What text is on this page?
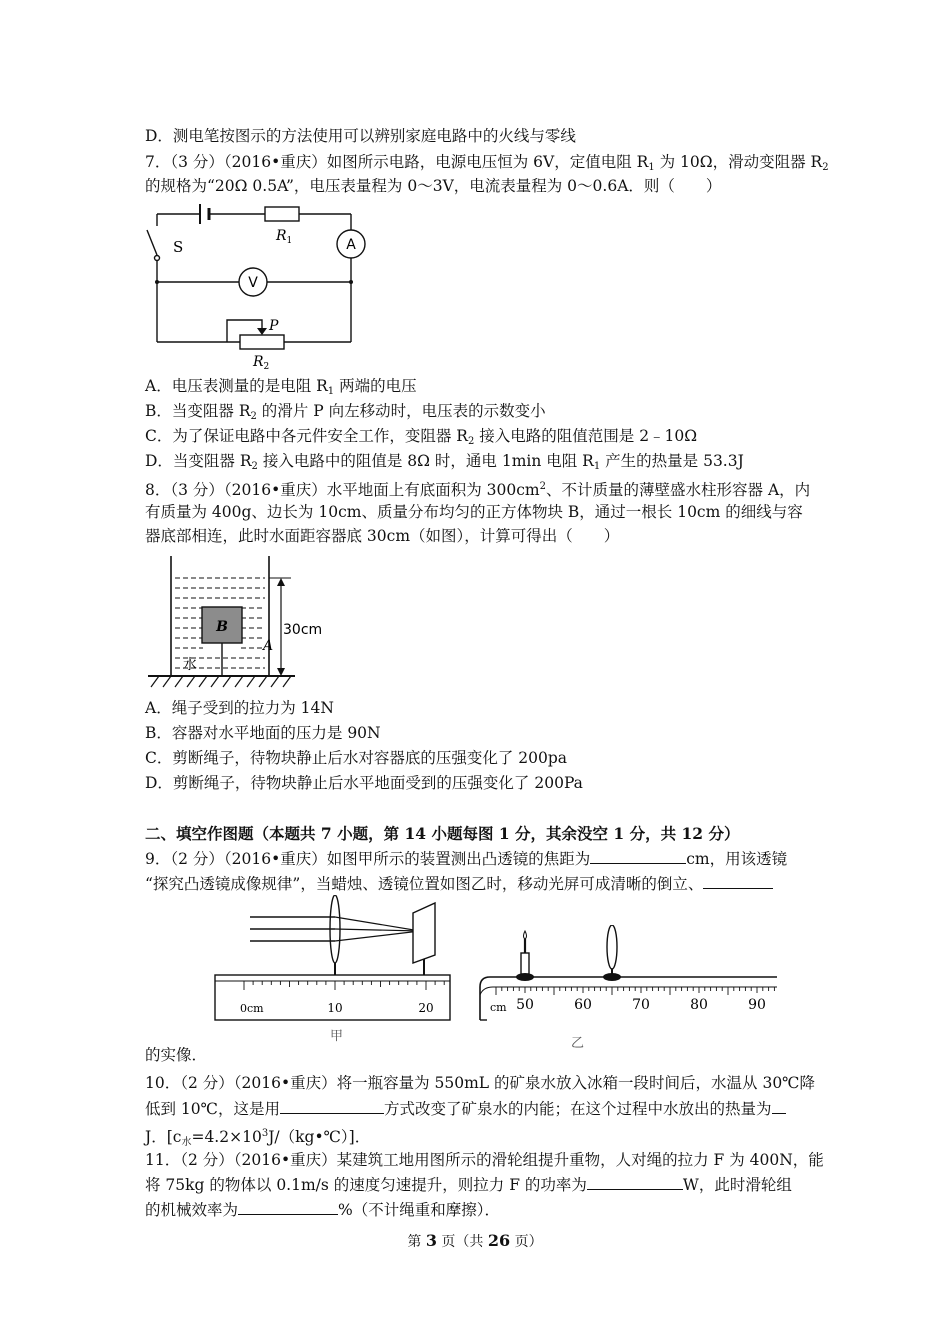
D．测电笔按图示的方法使用可以辨别家庭电路中的火线与零线
7．（3 分）（2016•重庆）如图所示电路，电源电压恒为 6V，定值电阻 $R_1$ 为 10Ω，滑动变阻器 $R_2$
的规格为“20Ω 0.5A”，电压表量程为 0～3V，电流表量程为 0～0.6A．则（　　）
S
$R_1$
V
A
P
$R_2$
A．电压表测量的是电阻 $R_1$ 两端的电压
B．当变阻器 $R_2$ 的滑片 P 向左移动时，电压表的示数变小
C．为了保证电路中各元件安全工作，变阻器 $R_2$ 接入电路的阻值范围是 2﹣10Ω
D．当变阻器 $R_2$ 接入电路中的阻值是 8Ω 时，通电 1min 电阻 $R_1$ 产生的热量是 53.3J
8．（3 分）（2016•重庆）水平地面上有底面积为 $300cm^2$、不计质量的薄壁盛水柱形容器 A，内
有质量为 400g、边长为 10cm、质量分布均匀的正方体物块 B，通过一根长 10cm 的细线与容
器底部相连，此时水面距容器底 30cm（如图），计算可得出（　　）
B
A
30cm
水
A．绳子受到的拉力为 14N
B．容器对水平地面的压力是 90N
C．剪断绳子，待物块静止后水对容器底的压强变化了 200pa
D．剪断绳子，待物块静止后水平地面受到的压强变化了 200Pa
二、填空作图题（本题共 7 小题，第 14 小题每图 1 分，其余没空 1 分，共 12 分）
9．（2 分）（2016•重庆）如图甲所示的装置测出凸透镜的焦距为	cm，用该透镜
“探究凸透镜成像规律”，当蜡烛、透镜位置如图乙时，移动光屏可成清晰的倒立、
0cm	10	20
甲
cm 50	60	70	80	90
乙
的实像．
10．（2 分）（2016•重庆）将一瓶容量为 550mL 的矿泉水放入冰箱一段时间后，水温从 30℃降
低到 10℃，这是用	方式改变了矿泉水的内能；在这个过程中水放出的热量为
J．$[c_水=4.2\times 10^3J/(kg•℃)]$．
11．（2 分）（2016•重庆）某建筑工地用图所示的滑轮组提升重物，人对绳的拉力 F 为 400N，能
将 75kg 的物体以 0.1m/s 的速度匀速提升，则拉力 F 的功率为	W，此时滑轮组
的机械效率为	%（不计绳重和摩擦）．
第 3 页（共 26 页）
